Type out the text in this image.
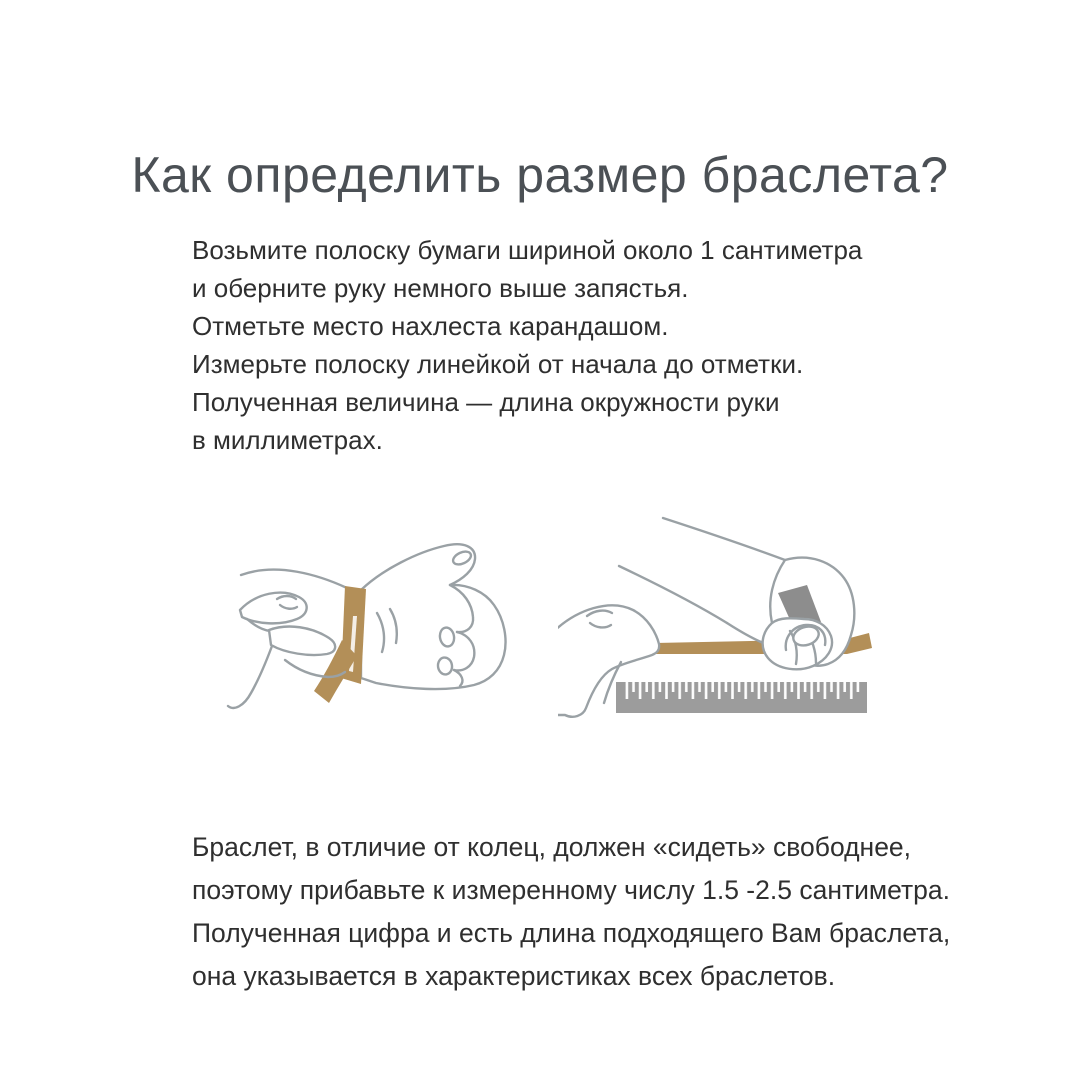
Как определить размер браслета?

Возьмите полоску бумаги шириной около 1 сантиметра

и оберните руку немного выше запястья.

Отметьте место нахлеста карандашом.

Измерьте полоску линейкой от начала до отметки.

Полученная величина — длина окружности руки

в миллиметрах.

Браслет, в отличие от колец, должен «сидеть» свободнее,

поэтому прибавьте к измеренному числу 1.5 -2.5 сантиметра.

Полученная цифра и есть длина подходящего Вам браслета,

она указывается в характеристиках всех браслетов.
